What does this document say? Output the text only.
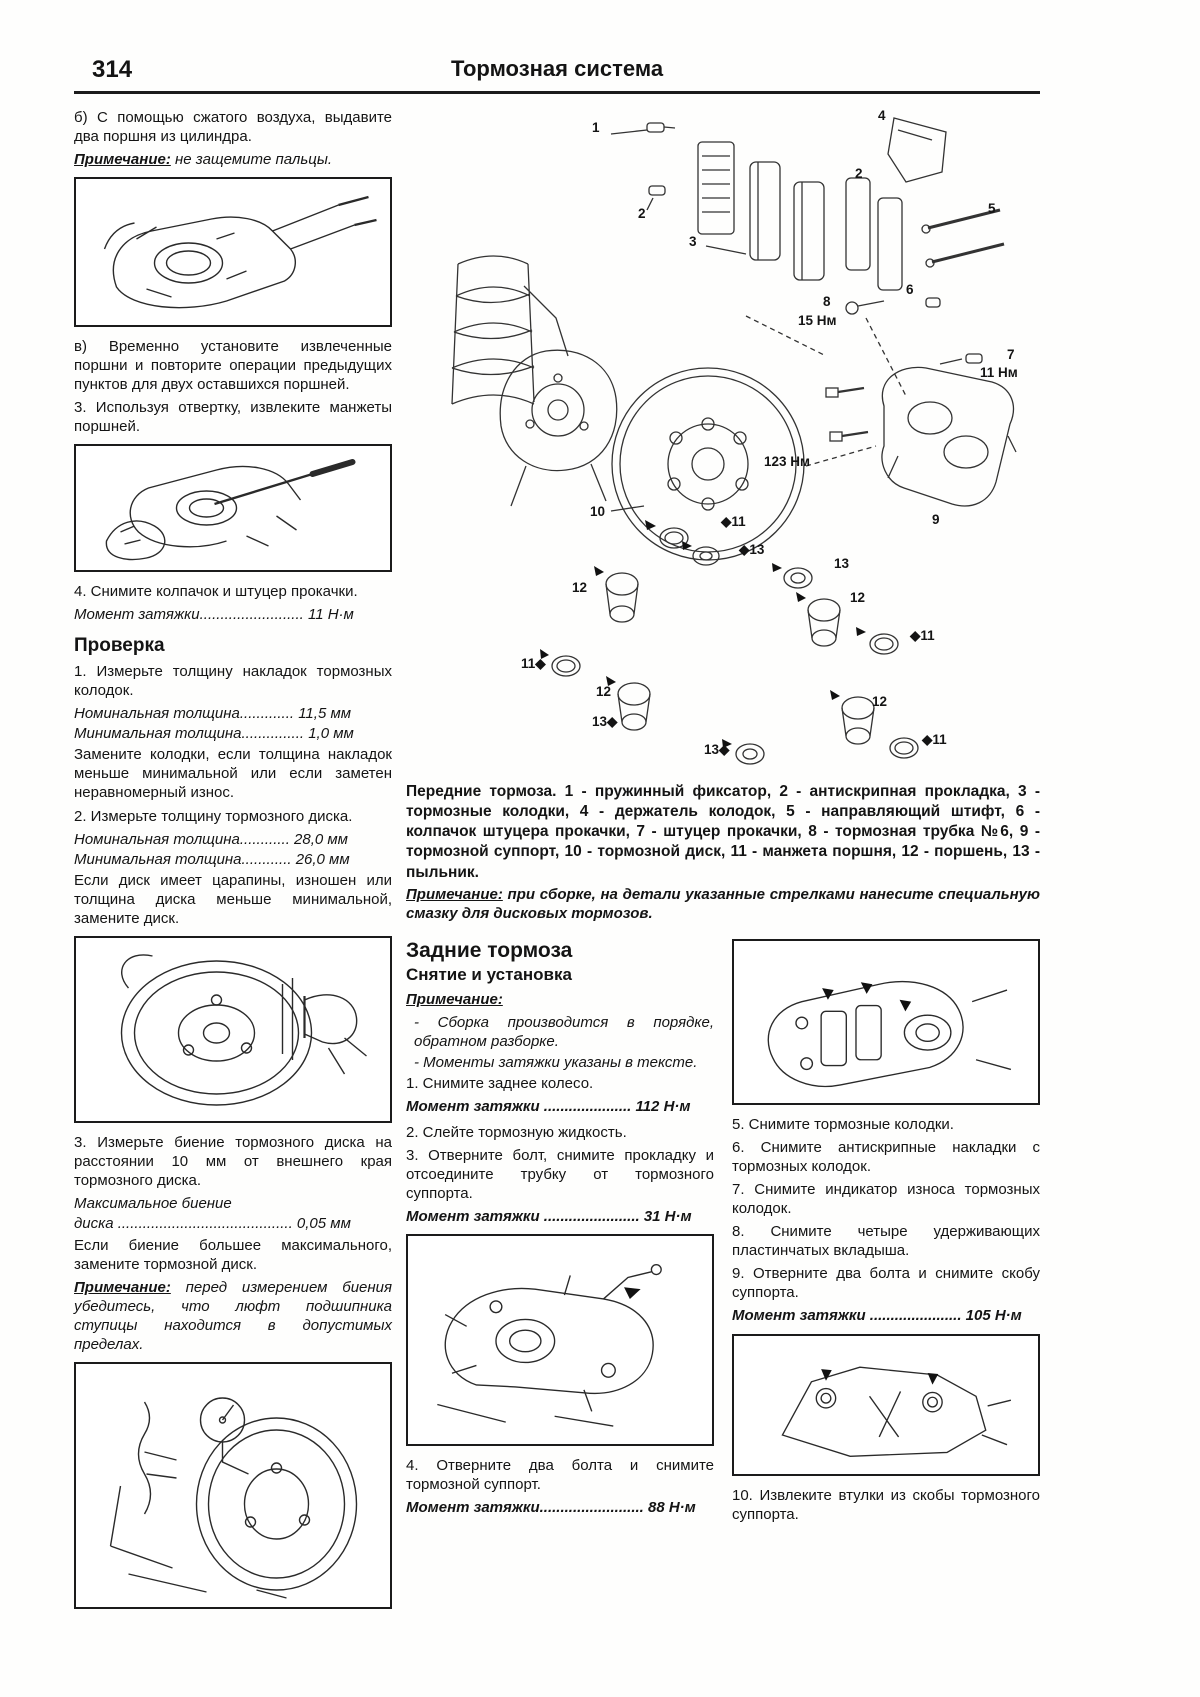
314	Тормозная система

б) С помощью сжатого воздуха, выдавите два поршня из цилиндра.

Примечание: не защемите пальцы.

в) Временно установите извлеченные поршни и повторите операции предыдущих пунктов для двух оставшихся поршней.

3. Используя отвертку, извлеките манжеты поршней.

4. Снимите колпачок и штуцер прокачки.

Момент затяжки......................... 11 Н·м

Проверка

1. Измерьте толщину накладок тормозных колодок.

Номинальная толщина............. 11,5 мм

Минимальная толщина............... 1,0 мм

Замените колодки, если толщина накладок меньше минимальной или если заметен неравномерный износ.

2. Измерьте толщину тормозного диска.

Номинальная толщина............ 28,0 мм

Минимальная толщина............ 26,0 мм

Если диск имеет царапины, изношен или толщина диска меньше минимальной, замените диск.

3. Измерьте биение тормозного диска на расстоянии 10 мм от внешнего края тормозного диска.

Максимальное биение

диска .......................................... 0,05 мм

Если биение большее максимального, замените тормозной диск.

Примечание: перед измерением биения убедитесь, что люфт подшипника ступицы находится в допустимых пределах.

1
2
3
4
2
5
6
8
15 Нм
7
11 Нм
123 Нм
10
9
◆11
◆13
12
13
12
◆11
11◆
12
13◆
12
13◆
◆11

Передние тормоза. 1 - пружинный фиксатор, 2 - антискрипная прокладка, 3 - тормозные колодки, 4 - держатель колодок, 5 - направляющий штифт, 6 - колпачок штуцера прокачки, 7 - штуцер прокачки, 8 - тормозная трубка №6, 9 - тормозной суппорт, 10 - тормозной диск, 11 - манжета поршня, 12 - поршень, 13 - пыльник.

Примечание: при сборке, на детали указанные стрелками нанесите специальную смазку для дисковых тормозов.

Задние тормоза
Снятие и установка

Примечание:

- Сборка производится в порядке, обратном разборке.

- Моменты затяжки указаны в тексте.

1. Снимите заднее колесо.

Момент затяжки ..................... 112 Н·м

2. Слейте тормозную жидкость.

3. Отверните болт, снимите прокладку и отсоедините трубку от тормозного суппорта.

Момент затяжки ....................... 31 Н·м

4. Отверните два болта и снимите тормозной суппорт.

Момент затяжки......................... 88 Н·м

5. Снимите тормозные колодки.

6. Снимите антискрипные накладки с тормозных колодок.

7. Снимите индикатор износа тормозных колодок.

8. Снимите четыре удерживающих пластинчатых вкладыша.

9. Отверните два болта и снимите скобу суппорта.

Момент затяжки ...................... 105 Н·м

10. Извлеките втулки из скобы тормозного суппорта.
